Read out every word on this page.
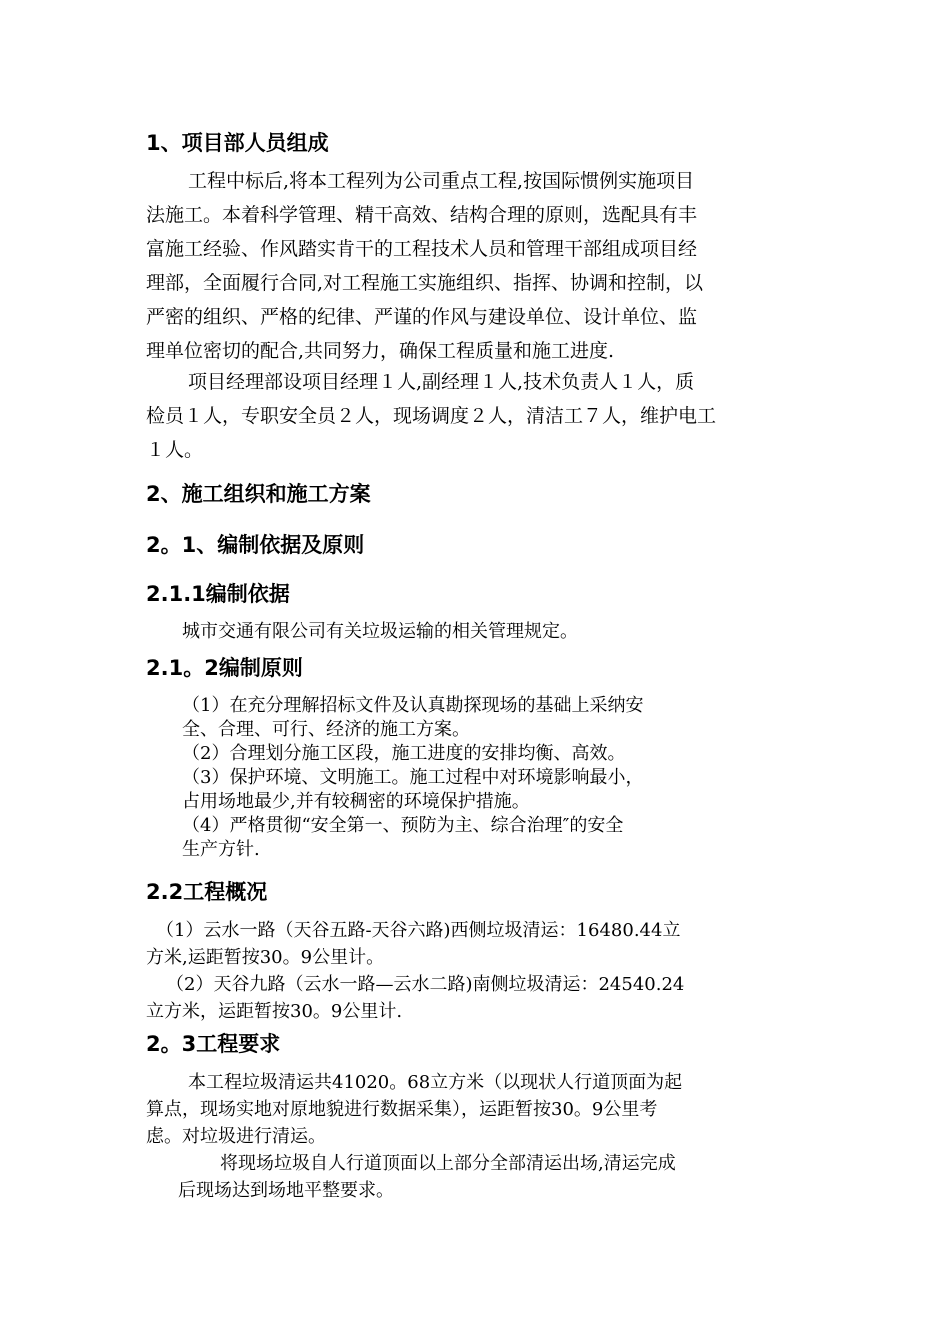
1、项目部人员组成
工程中标后,将本工程列为公司重点工程,按国际惯例实施项目
法施工。本着科学管理、精干高效、结构合理的原则，选配具有丰
富施工经验、作风踏实肯干的工程技术人员和管理干部组成项目经
理部，全面履行合同,对工程施工实施组织、指挥、协调和控制，以
严密的组织、严格的纪律、严谨的作风与建设单位、设计单位、监
理单位密切的配合,共同努力，确保工程质量和施工进度.
项目经理部设项目经理１人,副经理１人,技术负责人１人，质
检员１人，专职安全员２人，现场调度２人，清洁工７人，维护电工
１人。
2、施工组织和施工方案
2。1、编制依据及原则
2.1.1编制依据
城市交通有限公司有关垃圾运输的相关管理规定。
2.1。2编制原则
（1）在充分理解招标文件及认真勘探现场的基础上采纳安
全、合理、可行、经济的施工方案。
（2）合理划分施工区段，施工进度的安排均衡、高效。
（3）保护环境、文明施工。施工过程中对环境影响最小，
占用场地最少,并有较稠密的环境保护措施。
（4）严格贯彻“安全第一、预防为主、综合治理″的安全
生产方针.
2.2工程概况
（1）云水一路（天谷五路-天谷六路)西侧垃圾清运：16480.44立
方米,运距暂按30。9公里计。
（2）天谷九路（云水一路—云水二路)南侧垃圾清运：24540.24
立方米，运距暂按30。9公里计.
2。3工程要求
本工程垃圾清运共41020。68立方米（以现状人行道顶面为起
算点，现场实地对原地貌进行数据采集），运距暂按30。9公里考
虑。对垃圾进行清运。
将现场垃圾自人行道顶面以上部分全部清运出场,清运完成
后现场达到场地平整要求。
